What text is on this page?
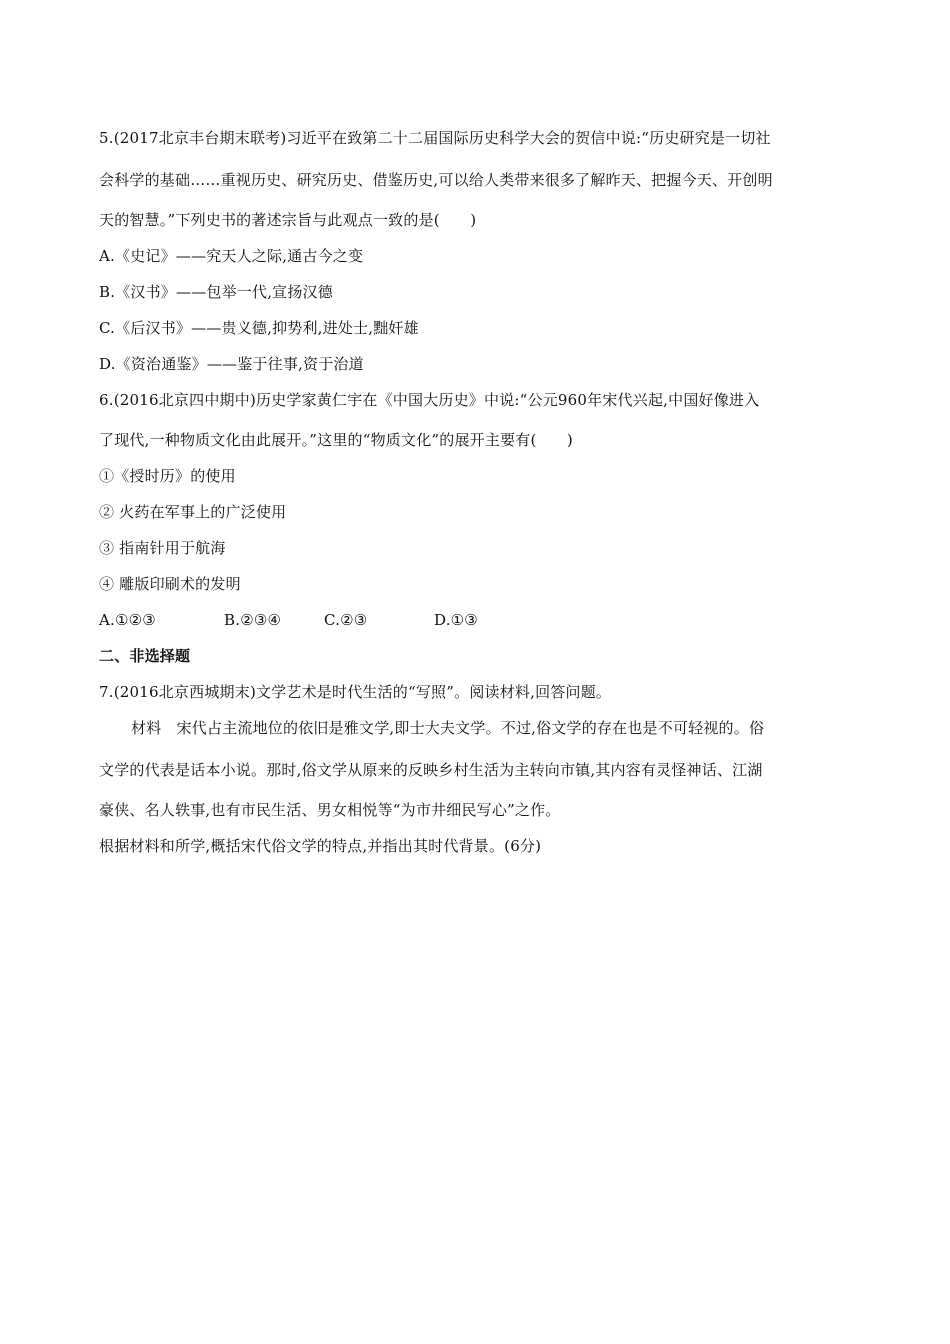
5.(2017北京丰台期末联考)习近平在致第二十二届国际历史科学大会的贺信中说:“历史研究是一切社
会科学的基础……重视历史、研究历史、借鉴历史,可以给人类带来很多了解昨天、把握今天、开创明
天的智慧。”下列史书的著述宗旨与此观点一致的是(　　)
A.《史记》——究天人之际,通古今之变
B.《汉书》——包举一代,宣扬汉德
C.《后汉书》——贵义德,抑势利,进处士,黜奸雄
D.《资治通鉴》——鉴于往事,资于治道
6.(2016北京四中期中)历史学家黄仁宇在《中国大历史》中说:“公元960年宋代兴起,中国好像进入
了现代,一种物质文化由此展开。”这里的“物质文化”的展开主要有(　　)
①《授时历》的使用
② 火药在军事上的广泛使用
③ 指南针用于航海
④ 雕版印刷术的发明
A.①②③	B.②③④	C.②③	D.①③
二、非选择题
7.(2016北京西城期末)文学艺术是时代生活的“写照”。阅读材料,回答问题。
材料　宋代占主流地位的依旧是雅文学,即士大夫文学。不过,俗文学的存在也是不可轻视的。俗
文学的代表是话本小说。那时,俗文学从原来的反映乡村生活为主转向市镇,其内容有灵怪神话、江湖
豪侠、名人轶事,也有市民生活、男女相悦等“为市井细民写心”之作。
根据材料和所学,概括宋代俗文学的特点,并指出其时代背景。(6分)
